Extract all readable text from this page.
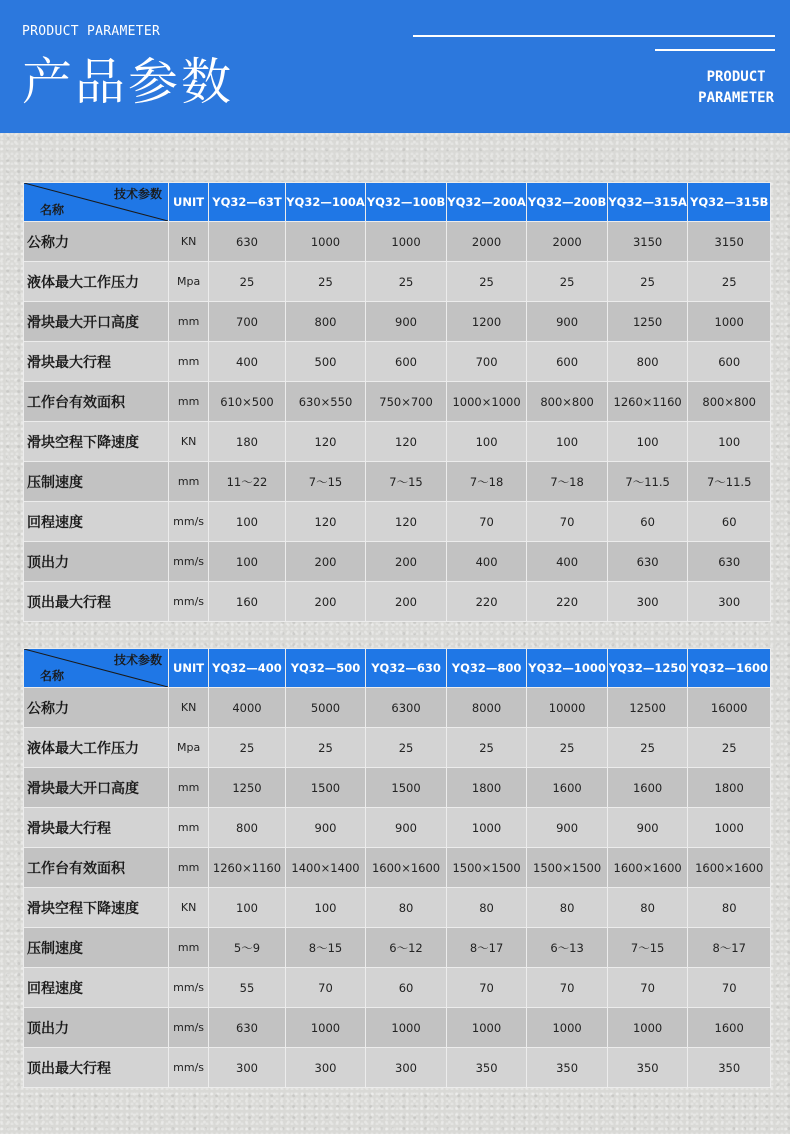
PRODUCT PARAMETER
产品参数	PRODUCT
PARAMETER
技术参数
名称	UNIT	YQ32—63T	YQ32—100A	YQ32—100B	YQ32—200A	YQ32—200B	YQ32—315A	YQ32—315B
公称力	KN	630	1000	1000	2000	2000	3150	3150
液体最大工作压力	Mpa	25	25	25	25	25	25	25
滑块最大开口高度	mm	700	800	900	1200	900	1250	1000
滑块最大行程	mm	400	500	600	700	600	800	600
工作台有效面积	mm	610×500	630×550	750×700	1000×1000	800×800	1260×1160	800×800
滑块空程下降速度	KN	180	120	120	100	100	100	100
压制速度	mm	11～22	7～15	7～15	7～18	7～18	7～11.5	7～11.5
回程速度	mm/s	100	120	120	70	70	60	60
顶出力	mm/s	100	200	200	400	400	630	630
顶出最大行程	mm/s	160	200	200	220	220	300	300
技术参数
名称	UNIT	YQ32—400	YQ32—500	YQ32—630	YQ32—800	YQ32—1000	YQ32—1250	YQ32—1600
公称力	KN	4000	5000	6300	8000	10000	12500	16000
液体最大工作压力	Mpa	25	25	25	25	25	25	25
滑块最大开口高度	mm	1250	1500	1500	1800	1600	1600	1800
滑块最大行程	mm	800	900	900	1000	900	900	1000
工作台有效面积	mm	1260×1160	1400×1400	1600×1600	1500×1500	1500×1500	1600×1600	1600×1600
滑块空程下降速度	KN	100	100	80	80	80	80	80
压制速度	mm	5～9	8～15	6～12	8～17	6～13	7～15	8～17
回程速度	mm/s	55	70	60	70	70	70	70
顶出力	mm/s	630	1000	1000	1000	1000	1000	1600
顶出最大行程	mm/s	300	300	300	350	350	350	350
